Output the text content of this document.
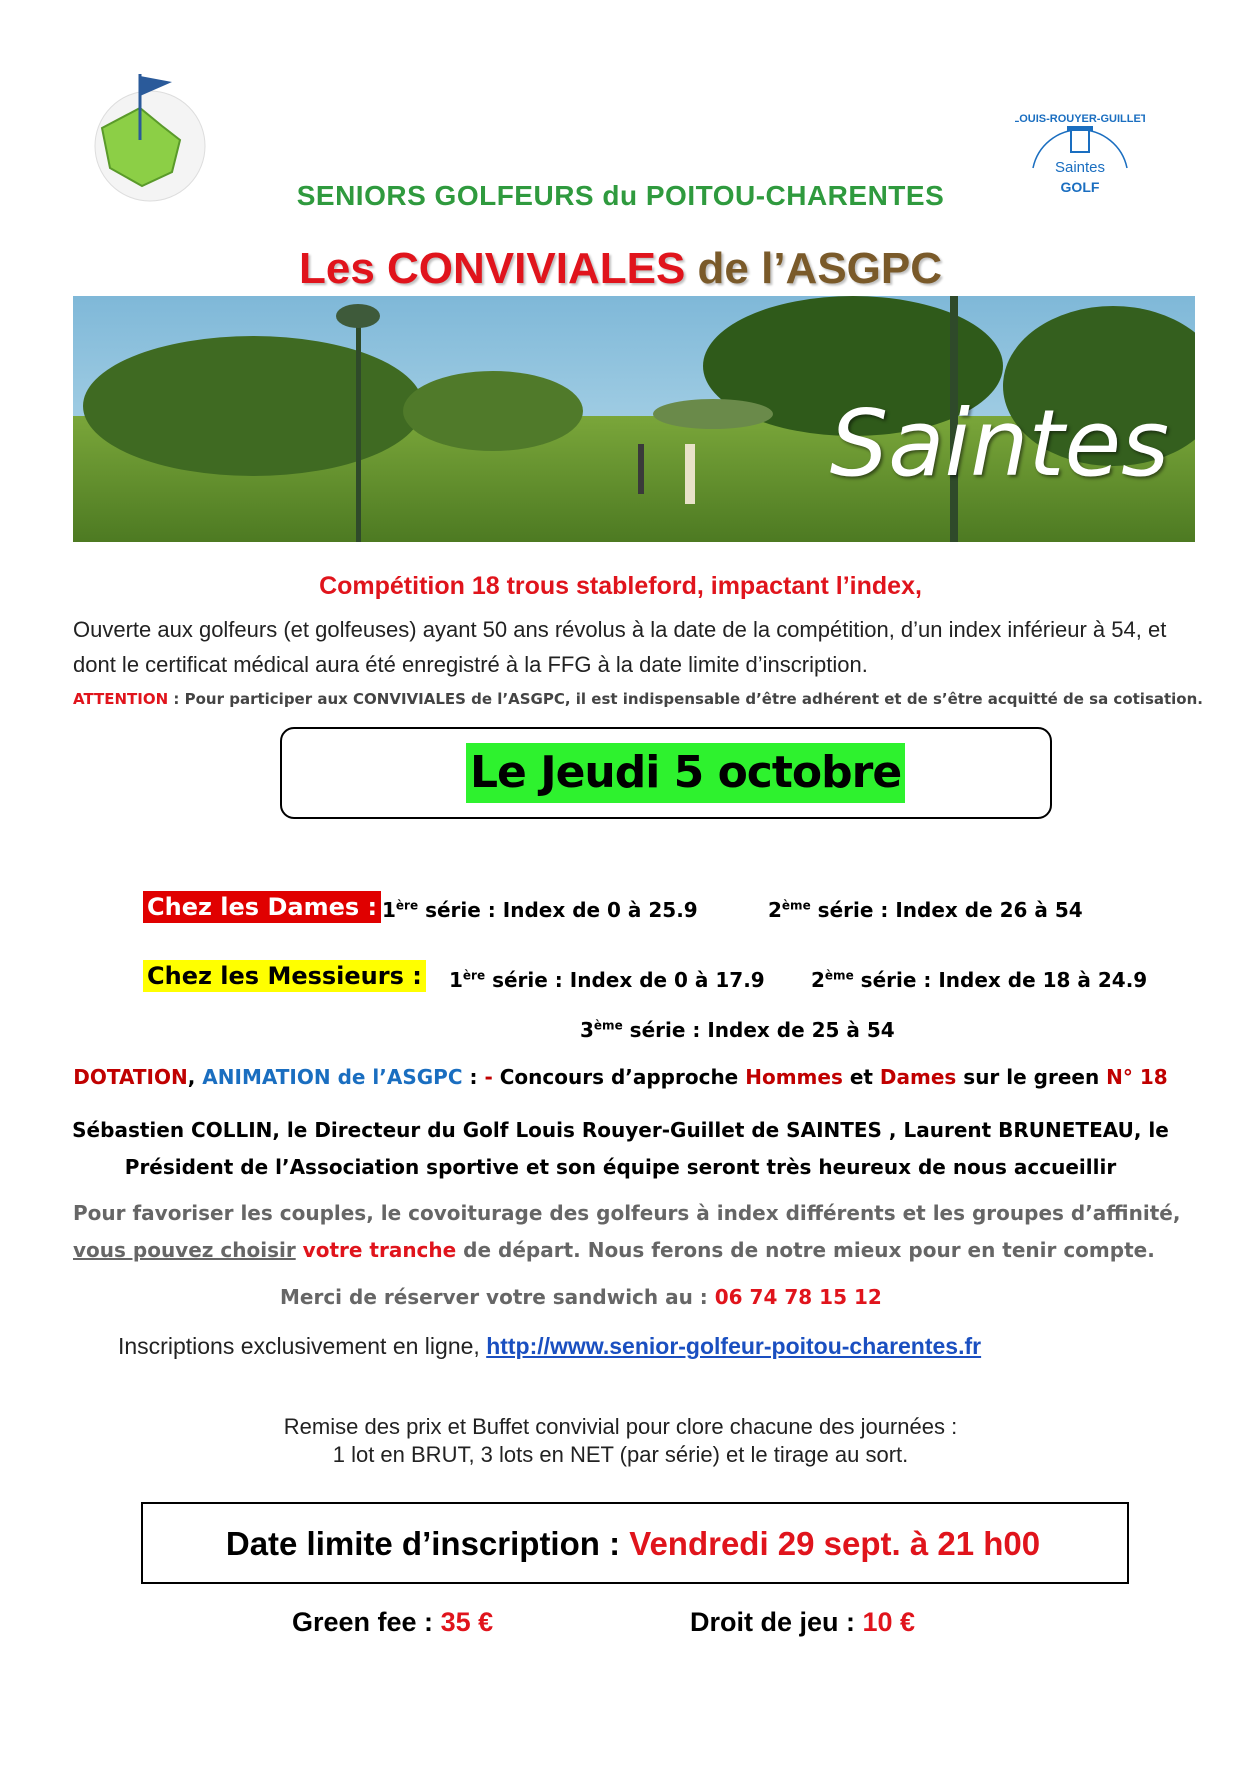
LOUIS-ROUYER-GUILLET
Saintes
GOLF
SENIORS GOLFEURS du POITOU-CHARENTES
Les CONVIVIALES de l’ASGPC
Saintes
Compétition 18 trous stableford, impactant l’index,
Ouverte aux golfeurs (et golfeuses) ayant 50 ans révolus à la date de la compétition, d’un index inférieur à 54, et dont le certificat médical aura été enregistré à la FFG à la date limite d’inscription.
ATTENTION : Pour participer aux CONVIVIALES de l’ASGPC, il est indispensable d’être adhérent et de s’être acquitté de sa cotisation.
Le Jeudi 5 octobre
Chez les Dames : 1ère série : Index de 0 à 25.9	2ème série : Index de 26 à 54
Chez les Messieurs : 1ère série : Index de 0 à 17.9 2ème série : Index de 18 à 24.9
3ème série : Index de 25 à 54
DOTATION, ANIMATION de l’ASGPC : - Concours d’approche Hommes et Dames sur le green N° 18
Sébastien COLLIN, le Directeur du Golf Louis Rouyer-Guillet de SAINTES , Laurent BRUNETEAU, le
Président de l’Association sportive et son équipe seront très heureux de nous accueillir
Pour favoriser les couples, le covoiturage des golfeurs à index différents et les groupes d’affinité, vous pouvez choisir votre tranche de départ. Nous ferons de notre mieux pour en tenir compte.
Merci de réserver votre sandwich au : 06 74 78 15 12
Inscriptions exclusivement en ligne, http://www.senior-golfeur-poitou-charentes.fr
Remise des prix et Buffet convivial pour clore chacune des journées :
1 lot en BRUT, 3 lots en NET (par série) et le tirage au sort.
Date limite d’inscription : Vendredi 29 sept. à 21 h00
Green fee : 35 €	Droit de jeu : 10 €
